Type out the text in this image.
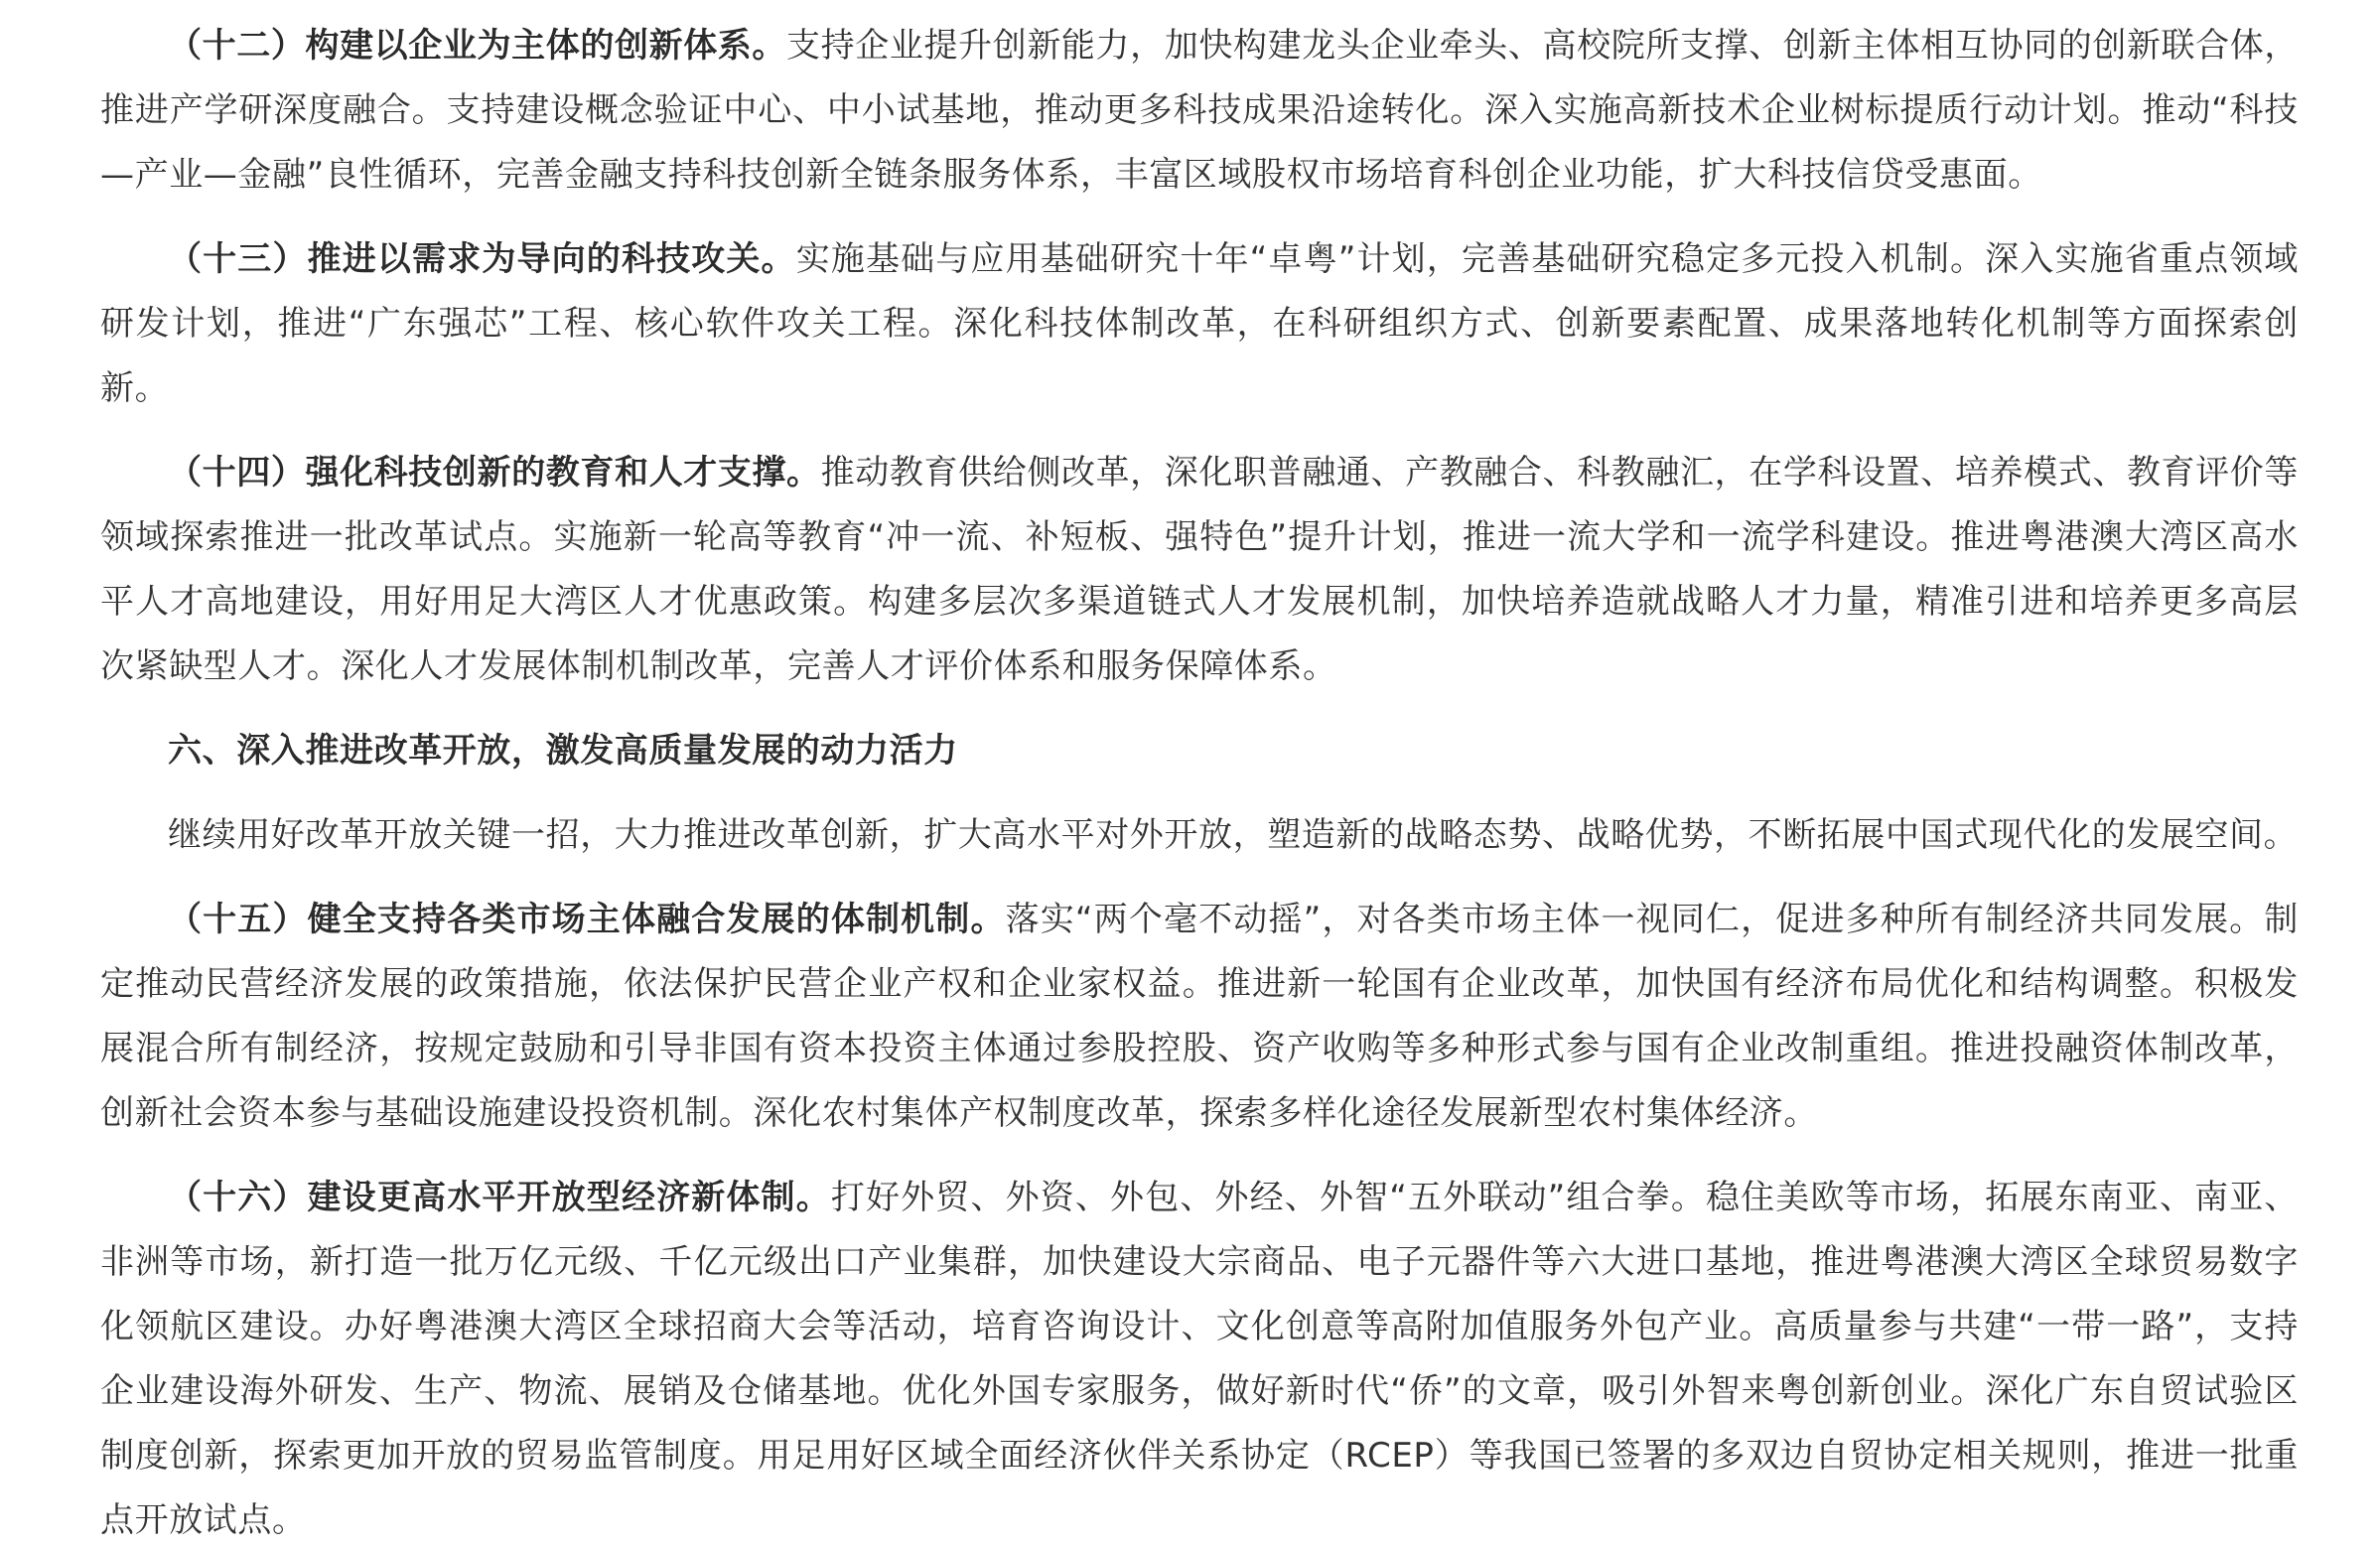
（十二）构建以企业为主体的创新体系。支持企业提升创新能力，加快构建龙头企业牵头、高校院所支撑、创新主体相互协同的创新联合体，推进产学研深度融合。支持建设概念验证中心、中小试基地，推动更多科技成果沿途转化。深入实施高新技术企业树标提质行动计划。推动“科技—产业—金融”良性循环，完善金融支持科技创新全链条服务体系，丰富区域股权市场培育科创企业功能，扩大科技信贷受惠面。

（十三）推进以需求为导向的科技攻关。实施基础与应用基础研究十年“卓粤”计划，完善基础研究稳定多元投入机制。深入实施省重点领域研发计划，推进“广东强芯”工程、核心软件攻关工程。深化科技体制改革，在科研组织方式、创新要素配置、成果落地转化机制等方面探索创新。

（十四）强化科技创新的教育和人才支撑。推动教育供给侧改革，深化职普融通、产教融合、科教融汇，在学科设置、培养模式、教育评价等领域探索推进一批改革试点。实施新一轮高等教育“冲一流、补短板、强特色”提升计划，推进一流大学和一流学科建设。推进粤港澳大湾区高水平人才高地建设，用好用足大湾区人才优惠政策。构建多层次多渠道链式人才发展机制，加快培养造就战略人才力量，精准引进和培养更多高层次紧缺型人才。深化人才发展体制机制改革，完善人才评价体系和服务保障体系。

六、深入推进改革开放，激发高质量发展的动力活力

继续用好改革开放关键一招，大力推进改革创新，扩大高水平对外开放，塑造新的战略态势、战略优势，不断拓展中国式现代化的发展空间。

（十五）健全支持各类市场主体融合发展的体制机制。落实“两个毫不动摇”，对各类市场主体一视同仁，促进多种所有制经济共同发展。制定推动民营经济发展的政策措施，依法保护民营企业产权和企业家权益。推进新一轮国有企业改革，加快国有经济布局优化和结构调整。积极发展混合所有制经济，按规定鼓励和引导非国有资本投资主体通过参股控股、资产收购等多种形式参与国有企业改制重组。推进投融资体制改革，创新社会资本参与基础设施建设投资机制。深化农村集体产权制度改革，探索多样化途径发展新型农村集体经济。

（十六）建设更高水平开放型经济新体制。打好外贸、外资、外包、外经、外智“五外联动”组合拳。稳住美欧等市场，拓展东南亚、南亚、非洲等市场，新打造一批万亿元级、千亿元级出口产业集群，加快建设大宗商品、电子元器件等六大进口基地，推进粤港澳大湾区全球贸易数字化领航区建设。办好粤港澳大湾区全球招商大会等活动，培育咨询设计、文化创意等高附加值服务外包产业。高质量参与共建“一带一路”，支持企业建设海外研发、生产、物流、展销及仓储基地。优化外国专家服务，做好新时代“侨”的文章，吸引外智来粤创新创业。深化广东自贸试验区制度创新，探索更加开放的贸易监管制度。用足用好区域全面经济伙伴关系协定（RCEP）等我国已签署的多双边自贸协定相关规则，推进一批重点开放试点。
